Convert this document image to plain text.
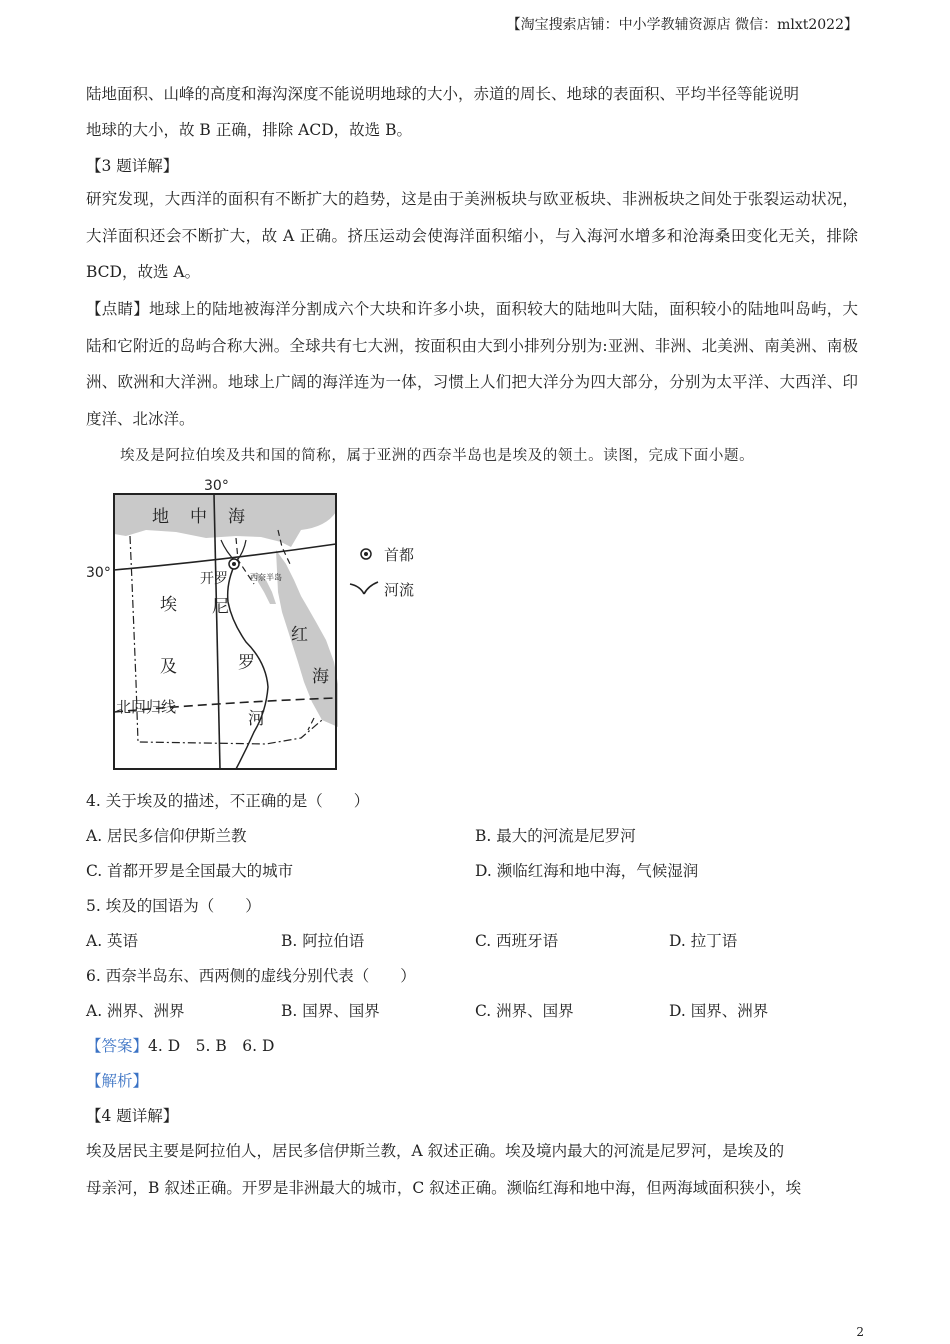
【淘宝搜索店铺：中小学教辅资源店 微信：mlxt2022】
陆地面积、山峰的高度和海沟深度不能说明地球的大小，赤道的周长、地球的表面积、平均半径等能说明
地球的大小，故 B 正确，排除 ACD，故选 B。
【3 题详解】
研究发现，大西洋的面积有不断扩大的趋势，这是由于美洲板块与欧亚板块、非洲板块之间处于张裂运动状况，大洋面积还会不断扩大，故 A 正确。挤压运动会使海洋面积缩小，与入海河水增多和沧海桑田变化无关，排除 BCD，故选 A。
【点睛】地球上的陆地被海洋分割成六个大块和许多小块，面积较大的陆地叫大陆，面积较小的陆地叫岛屿，大陆和它附近的岛屿合称大洲。全球共有七大洲，按面积由大到小排列分别为:亚洲、非洲、北美洲、南美洲、南极洲、欧洲和大洋洲。地球上广阔的海洋连为一体，习惯上人们把大洋分为四大部分，分别为太平洋、大西洋、印度洋、北冰洋。
埃及是阿拉伯埃及共和国的简称，属于亚洲的西奈半岛也是埃及的领土。读图，完成下面小题。
30°
30°
地 中 海
开罗	西奈半岛
埃
及
尼
罗
河
红
海
北回归线
首都
河流
4. 关于埃及的描述，不正确的是（　　）
A. 居民多信仰伊斯兰教	B. 最大的河流是尼罗河
C. 首都开罗是全国最大的城市	D. 濒临红海和地中海，气候湿润
5. 埃及的国语为（　　）
A. 英语	B. 阿拉伯语	C. 西班牙语	D. 拉丁语
6. 西奈半岛东、西两侧的虚线分别代表（　　）
A. 洲界、洲界	B. 国界、国界	C. 洲界、国界	D. 国界、洲界
【答案】4. D　5. B　6. D
【解析】
【4 题详解】
埃及居民主要是阿拉伯人，居民多信伊斯兰教，A 叙述正确。埃及境内最大的河流是尼罗河，是埃及的
母亲河，B 叙述正确。开罗是非洲最大的城市，C 叙述正确。濒临红海和地中海，但两海域面积狭小，埃
2
